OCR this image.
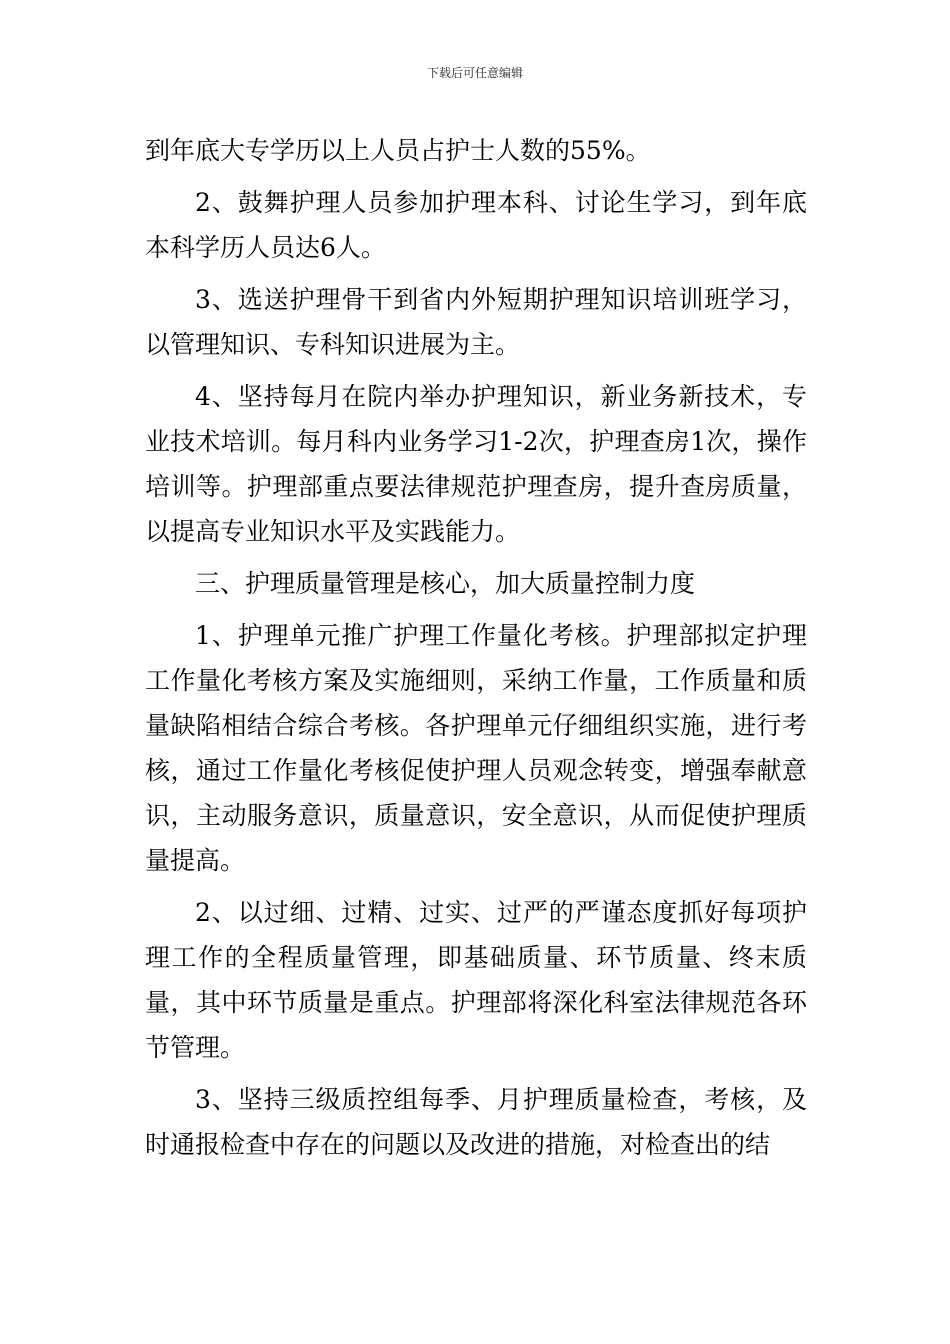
下载后可任意编辑

到年底大专学历以上人员占护士人数的55%。

2、鼓舞护理人员参加护理本科、讨论生学习，到年底本科学历人员达6人。

3、选送护理骨干到省内外短期护理知识培训班学习，以管理知识、专科知识进展为主。

4、坚持每月在院内举办护理知识，新业务新技术，专业技术培训。每月科内业务学习1-2次，护理查房1次，操作培训等。护理部重点要法律规范护理查房，提升查房质量，以提高专业知识水平及实践能力。

三、护理质量管理是核心，加大质量控制力度

1、护理单元推广护理工作量化考核。护理部拟定护理工作量化考核方案及实施细则，采纳工作量，工作质量和质量缺陷相结合综合考核。各护理单元仔细组织实施，进行考核，通过工作量化考核促使护理人员观念转变，增强奉献意识，主动服务意识，质量意识，安全意识，从而促使护理质量提高。

2、以过细、过精、过实、过严的严谨态度抓好每项护理工作的全程质量管理，即基础质量、环节质量、终末质量，其中环节质量是重点。护理部将深化科室法律规范各环节管理。

3、坚持三级质控组每季、月护理质量检查，考核，及时通报检查中存在的问题以及改进的措施，对检查出的结
